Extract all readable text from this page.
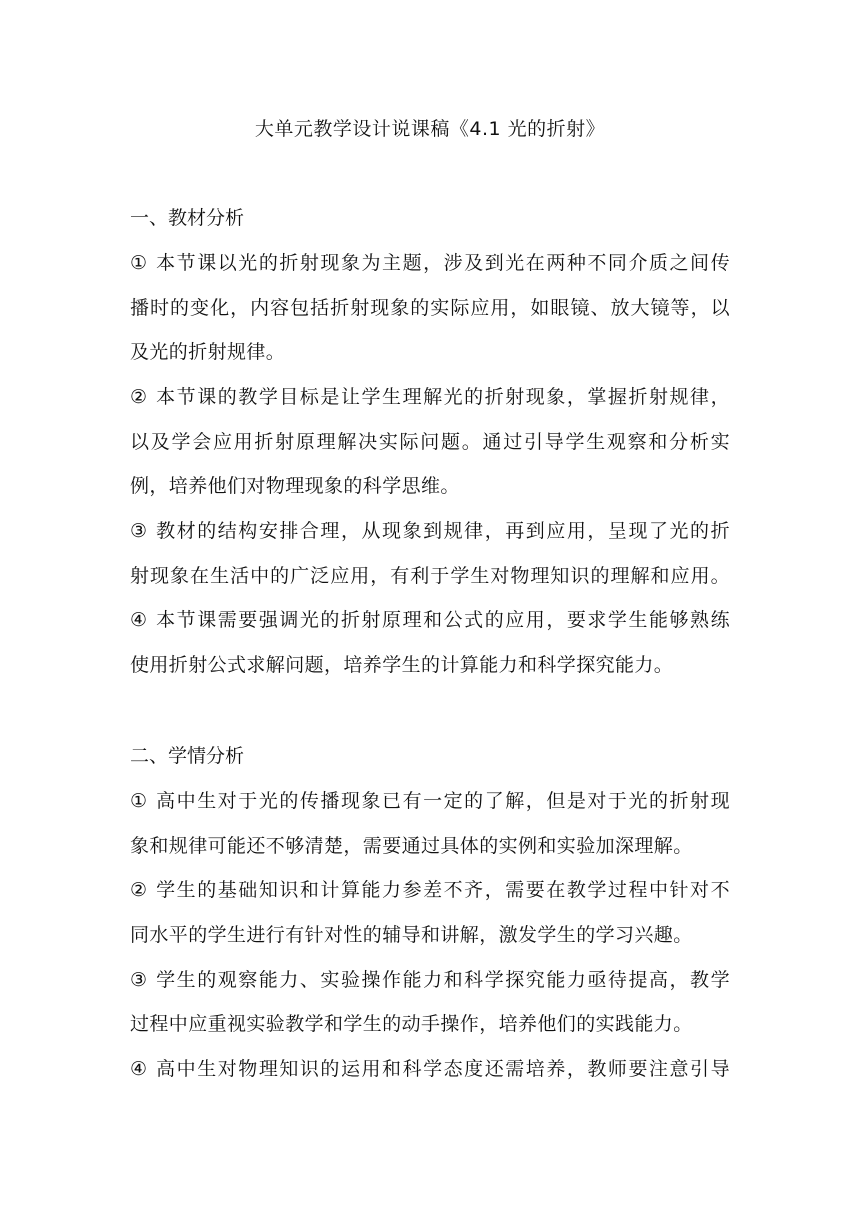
大单元教学设计说课稿《4.1 光的折射》
一、教材分析
① 本节课以光的折射现象为主题，涉及到光在两种不同介质之间传
播时的变化，内容包括折射现象的实际应用，如眼镜、放大镜等，以
及光的折射规律。
② 本节课的教学目标是让学生理解光的折射现象，掌握折射规律，
以及学会应用折射原理解决实际问题。通过引导学生观察和分析实
例，培养他们对物理现象的科学思维。
③ 教材的结构安排合理，从现象到规律，再到应用，呈现了光的折
射现象在生活中的广泛应用，有利于学生对物理知识的理解和应用。
④ 本节课需要强调光的折射原理和公式的应用，要求学生能够熟练
使用折射公式求解问题，培养学生的计算能力和科学探究能力。
二、学情分析
① 高中生对于光的传播现象已有一定的了解，但是对于光的折射现
象和规律可能还不够清楚，需要通过具体的实例和实验加深理解。
② 学生的基础知识和计算能力参差不齐，需要在教学过程中针对不
同水平的学生进行有针对性的辅导和讲解，激发学生的学习兴趣。
③ 学生的观察能力、实验操作能力和科学探究能力亟待提高，教学
过程中应重视实验教学和学生的动手操作，培养他们的实践能力。
④ 高中生对物理知识的运用和科学态度还需培养，教师要注意引导
